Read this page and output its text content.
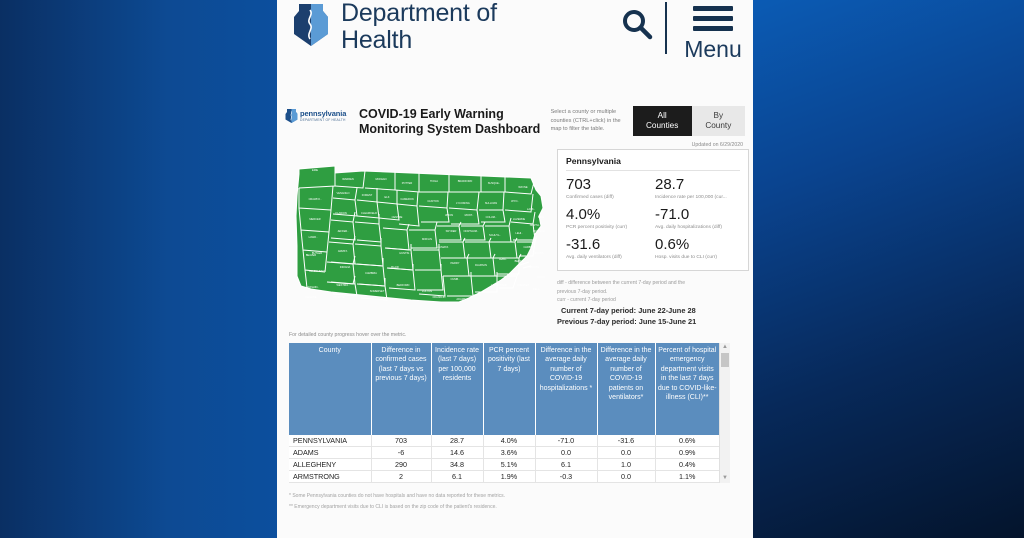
Department of
Health	Menu
pennsylvania
DEPARTMENT OF HEALTH COVID-19 Early Warning
Monitoring System Dashboard
Select a county or multiple counties (CTRL+click) in the map to filter the table.
All Counties
By County
Updated on 6/29/2020
ERIE
CRAWFO..
WARREN	MCKEAN
POTTER
TIOGA	BRADFORD
SUSQUE..
WAYNE
MERCER
VENANGO
FOREST
ELK
CAMERON
CLINTON
LYCOMING	SULLIVAN
WYO..
LACK..
PIKE
LAWR..
BUTLER
CLARION
JEFFER..
CLEARFIELD
CENTRE
UNION	MONT..
COLUM..
LUZERNE
MONROE
BEAVER
ARMST..
INDIANA
CARBON
NORTHUM..
SNYDER
MIFFLIN
JUNIATA
SCHUYL..
LEHI..
NORTH..
ALLEGHENY
WESTMO..
CAMBRIA
BLAIR
HUNTIN..
PERRY
DAUPHIN
LEBA..
BERKS
BUCKS
WASHIN..
SOMERSET
BEDFORD
FULTON
FRANKLIN
CUMB..
YORK
LANCASTER	CHESTER
MONTG..
PHILA
DELA..
GREENE	FAYETTE
ADAMS
Pennsylvania
703
Confirmed cases (diff)
28.7
Incidence rate per 100,000 (cur...
4.0%
PCR percent positivity (curr)
-71.0
Avg. daily hospitalizations (diff)
-31.6
Avg. daily ventilators (diff)
0.6%
Hosp. visits due to CLI (curr)
diff - difference between the current 7-day period and the
previous 7-day period.
curr - current 7-day period
Current 7-day period: June 22-June 28
Previous 7-day period: June 15-June 21
For detailed county progress hover over the metric.
County	Difference in confirmed cases (last 7 days vs previous 7 days)	Incidence rate (last 7 days) per 100,000 residents	PCR percent positivity (last 7 days)	Difference in the average daily number of COVID-19 hospitalizations *	Difference in the average daily number of COVID-19 patients on ventilators*	Percent of hospital emergency department visits in the last 7 days due to COVID-like-illness (CLI)**
PENNSYLVANIA	703	28.7	4.0%	-71.0	-31.6	0.6%
ADAMS	-6	14.6	3.6%	0.0	0.0	0.9%
ALLEGHENY	290	34.8	5.1%	6.1	1.0	0.4%
ARMSTRONG	2	6.1	1.9%	-0.3	0.0	1.1%
▲
▼
* Some Pennsylvania counties do not have hospitals and have no data reported for these metrics.
** Emergency department visits due to CLI is based on the zip code of the patient's residence.
